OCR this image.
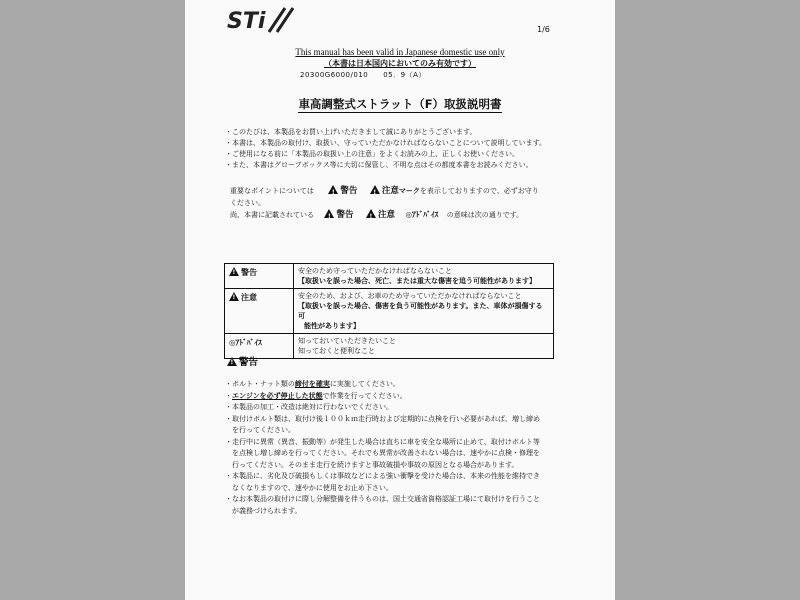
STi	1/6
This manual has been valid in Japanese domestic use only
（本書は日本国内においてのみ有効です）
20300G6000/010　　05．9（A）
車高調整式ストラット（F）取扱説明書
・このたびは、本製品をお買い上げいただきまして誠にありがとうございます。
・本書は、本製品の取付け、取扱い、守っていただかなければならないことについて説明しています。
・ご使用になる前に「本製品の取扱い上の注意」をよくお読みの上、正しくお使いください。
・また、本書はグローブボックス等に大切に保管し、不明な点はその都度本書をお読みください。
重要なポイントについては !	警告 !	注意マークを表示しておりますので、必ずお守り
ください。
尚、本書に記載されている !	警告 !	注意 ◎ｱﾄﾞﾊﾞｲｽ の意味は次の通りです。
!警告	安全のため守っていただかなければならないこと
【取扱いを誤った場合、死亡、または重大な傷害を追う可能性があります】
!注意	安全のため、および、お車のため守っていただかなければならないこと
【取扱いを誤った場合、傷害を負う可能性があります。また、車体が損傷する可
能性があります】
◎ｱﾄﾞﾊﾞｲｽ	知っておいていただきたいこと
知っておくと便利なこと
!警告
・ボルト・ナット類の締付を確実に実施してください。
・エンジンを必ず停止した状態で作業を行ってください。
・本製品の加工・改造は絶対に行わないでください。
・取付けボルト類は、取付け後１００ｋｍ走行時および定期的に点検を行い必要があれば、増し締め
　を行ってください。
・走行中に異常（異音、振動等）が発生した場合は直ちに車を安全な場所に止めて、取付けボルト等
　を点検し増し締めを行ってください。それでも異常が改善されない場合は、速やかに点検・修理を
　行ってください。そのまま走行を続けますと事故破損や事故の原因となる場合があります。
・本製品に、劣化及び破損もしくは事故などによる強い衝撃を受けた場合は、本来の性能を維持でき
　なくなりますので、速やかに使用をお止め下さい。
・なお本製品の取付けに際し分解整備を伴うものは、国土交通省資格認証工場にて取付けを行うこと
　が義務づけられます。
